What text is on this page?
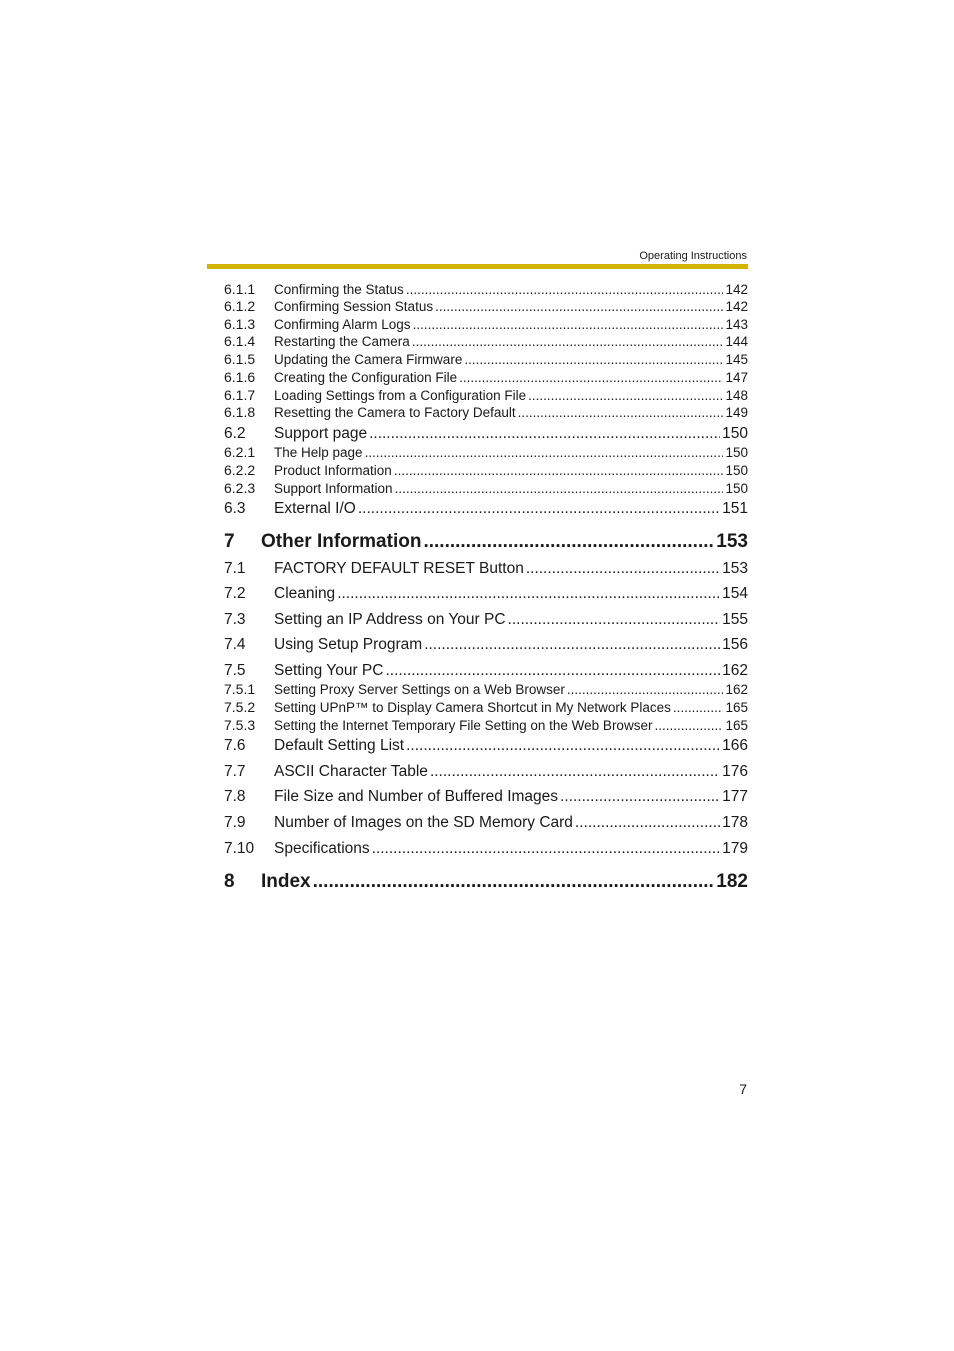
Operating Instructions
6.1.1	Confirming the Status .....	142
6.1.2	Confirming Session Status .....	142
6.1.3	Confirming Alarm Logs .....	143
6.1.4	Restarting the Camera .....	144
6.1.5	Updating the Camera Firmware .....	145
6.1.6	Creating the Configuration File .....	147
6.1.7	Loading Settings from a Configuration File .....	148
6.1.8	Resetting the Camera to Factory Default .....	149
6.2	Support page .....	150
6.2.1	The Help page .....	150
6.2.2	Product Information .....	150
6.2.3	Support Information .....	150
6.3	External I/O .....	151
7	Other Information .....	153
7.1	FACTORY DEFAULT RESET Button .....	153
7.2	Cleaning .....	154
7.3	Setting an IP Address on Your PC .....	155
7.4	Using Setup Program .....	156
7.5	Setting Your PC .....	162
7.5.1	Setting Proxy Server Settings on a Web Browser .....	162
7.5.2	Setting UPnP™ to Display Camera Shortcut in My Network Places .....	165
7.5.3	Setting the Internet Temporary File Setting on the Web Browser .....	165
7.6	Default Setting List .....	166
7.7	ASCII Character Table .....	176
7.8	File Size and Number of Buffered Images .....	177
7.9	Number of Images on the SD Memory Card .....	178
7.10	Specifications .....	179
8	Index .....	182
7
